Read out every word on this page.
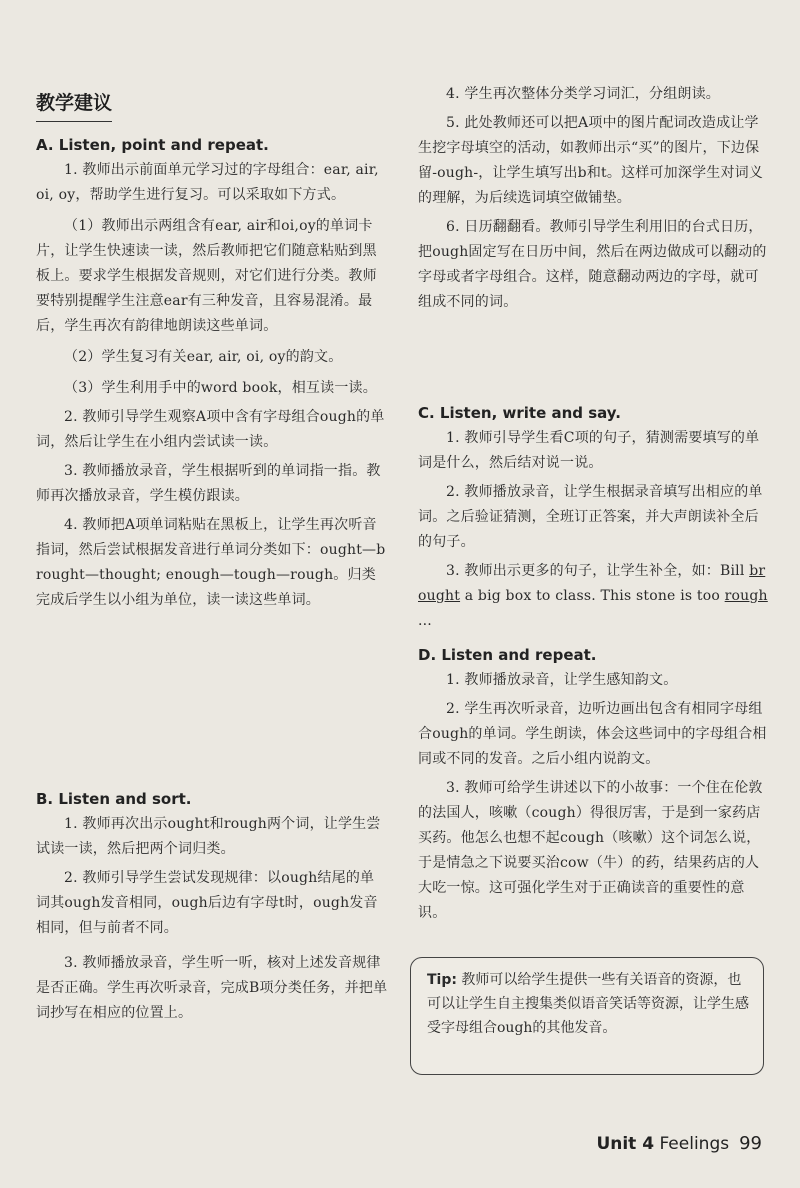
教学建议
A. Listen, point and repeat.

1. 教师出示前面单元学习过的字母组合：ear, air, oi, oy，帮助学生进行复习。可以采取如下方式。

（1）教师出示两组含有ear, air和oi,oy的单词卡片，让学生快速读一读，然后教师把它们随意粘贴到黑板上。要求学生根据发音规则，对它们进行分类。教师要特别提醒学生注意ear有三种发音，且容易混淆。最后，学生再次有韵律地朗读这些单词。

（2）学生复习有关ear, air, oi, oy的韵文。

（3）学生利用手中的word book，相互读一读。

2. 教师引导学生观察A项中含有字母组合ough的单词，然后让学生在小组内尝试读一读。

3. 教师播放录音，学生根据听到的单词指一指。教师再次播放录音，学生模仿跟读。

4. 教师把A项单词粘贴在黑板上，让学生再次听音指词，然后尝试根据发音进行单词分类如下：ought—brought—thought; enough—tough—rough。归类完成后学生以小组为单位，读一读这些单词。

B. Listen and sort.

1. 教师再次出示ought和rough两个词，让学生尝试读一读，然后把两个词归类。

2. 教师引导学生尝试发现规律：以ough结尾的单词其ough发音相同，ough后边有字母t时，ough发音相同，但与前者不同。

3. 教师播放录音，学生听一听，核对上述发音规律是否正确。学生再次听录音，完成B项分类任务，并把单词抄写在相应的位置上。

4. 学生再次整体分类学习词汇，分组朗读。

5. 此处教师还可以把A项中的图片配词改造成让学生挖字母填空的活动，如教师出示“买”的图片，下边保留-ough-，让学生填写出b和t。这样可加深学生对词义的理解，为后续选词填空做铺垫。

6. 日历翻翻看。教师引导学生利用旧的台式日历，把ough固定写在日历中间，然后在两边做成可以翻动的字母或者字母组合。这样，随意翻动两边的字母，就可组成不同的词。

C. Listen, write and say.

1. 教师引导学生看C项的句子，猜测需要填写的单词是什么，然后结对说一说。

2. 教师播放录音，让学生根据录音填写出相应的单词。之后验证猜测，全班订正答案，并大声朗读补全后的句子。

3. 教师出示更多的句子，让学生补全，如：Bill brought a big box to class. This stone is too rough ...

D. Listen and repeat.

1. 教师播放录音，让学生感知韵文。

2. 学生再次听录音，边听边画出包含有相同字母组合ough的单词。学生朗读，体会这些词中的字母组合相同或不同的发音。之后小组内说韵文。

3. 教师可给学生讲述以下的小故事：一个住在伦敦的法国人，咳嗽（cough）得很厉害，于是到一家药店买药。他怎么也想不起cough（咳嗽）这个词怎么说，于是情急之下说要买治cow（牛）的药，结果药店的人大吃一惊。这可强化学生对于正确读音的重要性的意识。

Tip: 教师可以给学生提供一些有关语音的资源，也可以让学生自主搜集类似语音笑话等资源，让学生感受字母组合ough的其他发音。
Unit 4 Feelings 99
